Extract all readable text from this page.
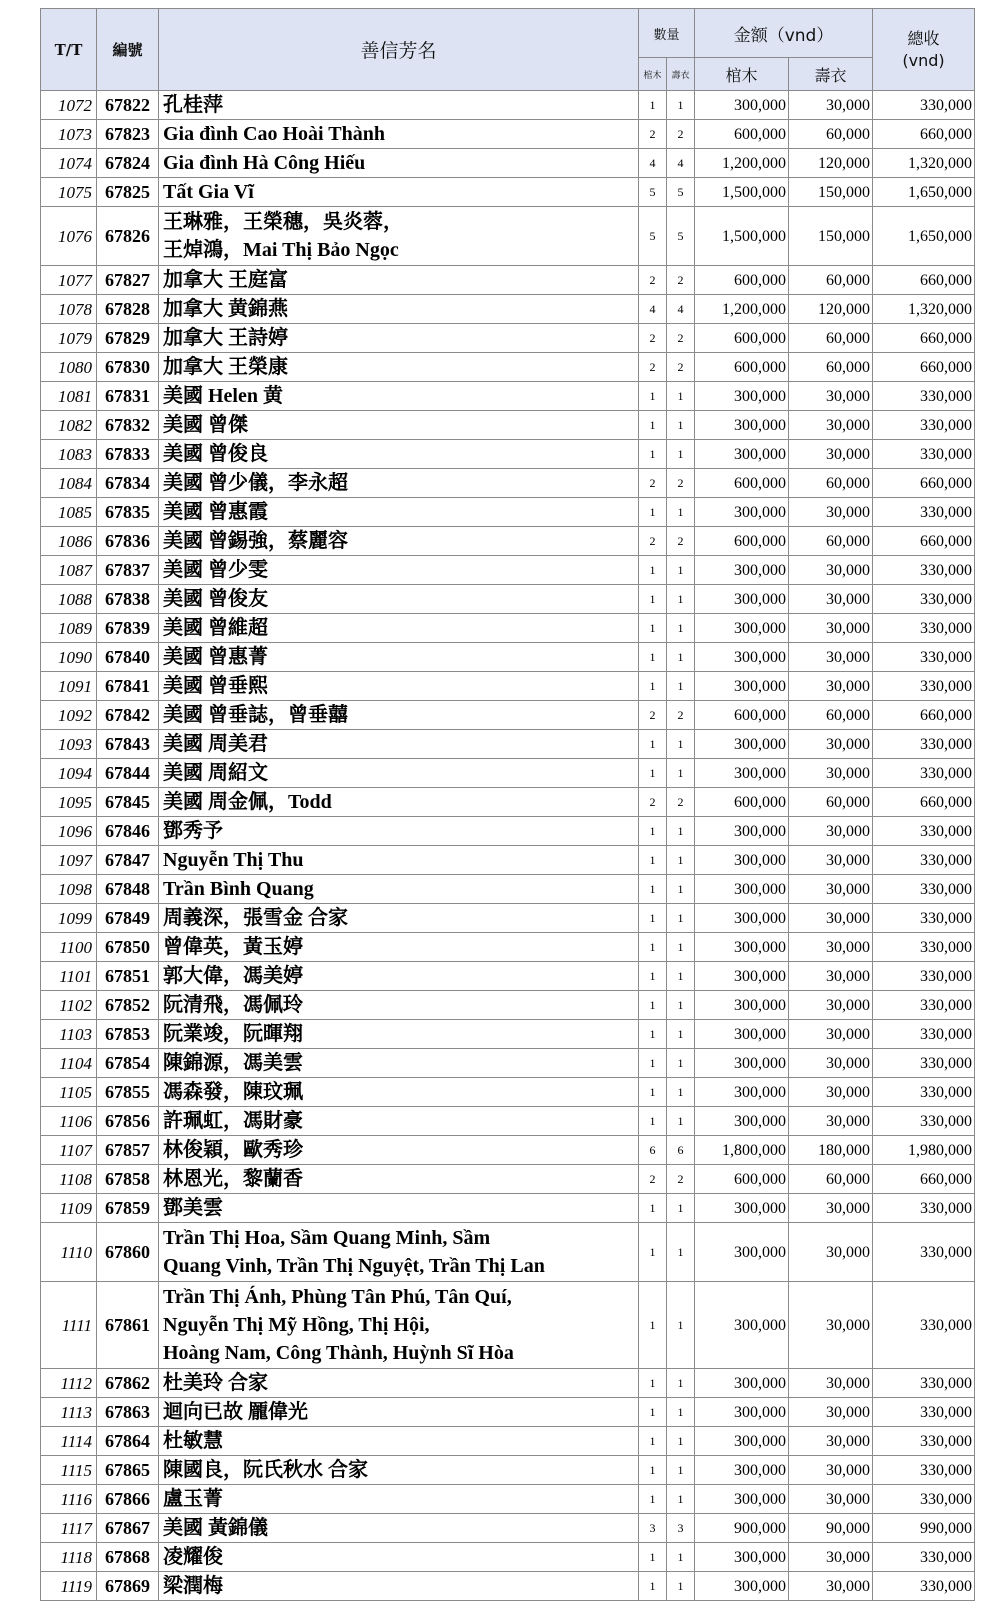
T/T	編號	善信芳名	數量		金额（vnd）		總收
(vnd)

			棺木	壽衣	棺木	壽衣	
1072	67822	孔桂萍	1	1	300,000	30,000	330,000
1073	67823	Gia đình Cao Hoài Thành	2	2	600,000	60,000	660,000
1074	67824	Gia đình Hà Công Hiếu	4	4	1,200,000	120,000	1,320,000
1075	67825	Tất Gia Vĩ	5	5	1,500,000	150,000	1,650,000
1076	67826	王琳雅，王榮穗，吳炎蓉，
王焯鴻，Mai Thị Bảo Ngọc	5	5	1,500,000	150,000	1,650,000
1077	67827	加拿大 王庭富	2	2	600,000	60,000	660,000
1078	67828	加拿大 黄錦燕	4	4	1,200,000	120,000	1,320,000
1079	67829	加拿大 王詩婷	2	2	600,000	60,000	660,000
1080	67830	加拿大 王榮康	2	2	600,000	60,000	660,000
1081	67831	美國 Helen 黄	1	1	300,000	30,000	330,000
1082	67832	美國 曾傑	1	1	300,000	30,000	330,000
1083	67833	美國 曾俊良	1	1	300,000	30,000	330,000
1084	67834	美國 曾少儀，李永超	2	2	600,000	60,000	660,000
1085	67835	美國 曾惠霞	1	1	300,000	30,000	330,000
1086	67836	美國 曾錫強，蔡麗容	2	2	600,000	60,000	660,000
1087	67837	美國 曾少雯	1	1	300,000	30,000	330,000
1088	67838	美國 曾俊友	1	1	300,000	30,000	330,000
1089	67839	美國 曾維超	1	1	300,000	30,000	330,000
1090	67840	美國 曾惠菁	1	1	300,000	30,000	330,000
1091	67841	美國 曾垂熙	1	1	300,000	30,000	330,000
1092	67842	美國 曾垂誌，曾垂囍	2	2	600,000	60,000	660,000
1093	67843	美國 周美君	1	1	300,000	30,000	330,000
1094	67844	美國 周紹文	1	1	300,000	30,000	330,000
1095	67845	美國 周金佩，Todd	2	2	600,000	60,000	660,000
1096	67846	鄧秀予	1	1	300,000	30,000	330,000
1097	67847	Nguyễn Thị Thu	1	1	300,000	30,000	330,000
1098	67848	Trần Bình Quang	1	1	300,000	30,000	330,000
1099	67849	周義深，張雪金 合家	1	1	300,000	30,000	330,000
1100	67850	曾偉英，黃玉婷	1	1	300,000	30,000	330,000
1101	67851	郭大偉，馮美婷	1	1	300,000	30,000	330,000
1102	67852	阮清飛，馮佩玲	1	1	300,000	30,000	330,000
1103	67853	阮業竣，阮暉翔	1	1	300,000	30,000	330,000
1104	67854	陳錦源，馮美雲	1	1	300,000	30,000	330,000
1105	67855	馮森發，陳玟珮	1	1	300,000	30,000	330,000
1106	67856	許珮虹，馮財豪	1	1	300,000	30,000	330,000
1107	67857	林俊穎，歐秀珍	6	6	1,800,000	180,000	1,980,000
1108	67858	林恩光，黎蘭香	2	2	600,000	60,000	660,000
1109	67859	鄧美雲	1	1	300,000	30,000	330,000
1110	67860	Trần Thị Hoa, Sầm Quang Minh, Sầm
Quang Vinh, Trần Thị Nguyệt, Trần Thị Lan	1	1	300,000	30,000	330,000
1111	67861	Trần Thị Ánh, Phùng Tân Phú, Tân Quí,
Nguyễn Thị Mỹ Hồng, Thị Hội,
Hoàng Nam, Công Thành, Huỳnh Sĩ Hòa	1	1	300,000	30,000	330,000
1112	67862	杜美玲 合家	1	1	300,000	30,000	330,000
1113	67863	迴向已故 龎偉光	1	1	300,000	30,000	330,000
1114	67864	杜敏慧	1	1	300,000	30,000	330,000
1115	67865	陳國良，阮氏秋水 合家	1	1	300,000	30,000	330,000
1116	67866	盧玉菁	1	1	300,000	30,000	330,000
1117	67867	美國 黃錦儀	3	3	900,000	90,000	990,000
1118	67868	凌耀俊	1	1	300,000	30,000	330,000
1119	67869	梁潤梅	1	1	300,000	30,000	330,000
